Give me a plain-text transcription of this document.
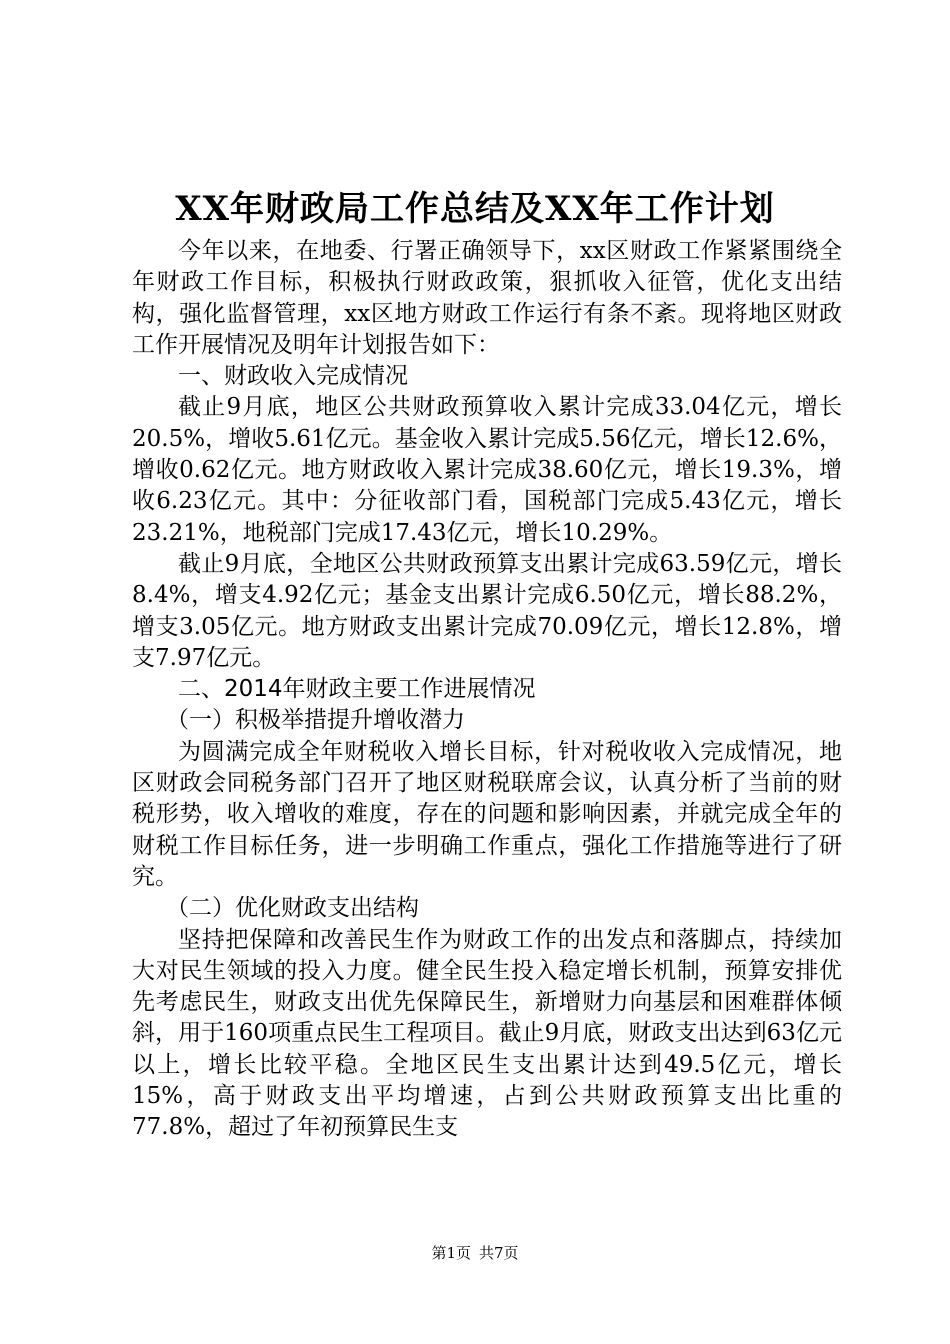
XX年财政局工作总结及XX年工作计划

今年以来，在地委、行署正确领导下，xx区财政工作紧紧围绕全年财政工作目标，积极执行财政政策，狠抓收入征管，优化支出结构，强化监督管理，xx区地方财政工作运行有条不紊。现将地区财政工作开展情况及明年计划报告如下：

一、财政收入完成情况

截止9月底，地区公共财政预算收入累计完成33.04亿元，增长20.5%，增收5.61亿元。基金收入累计完成5.56亿元，增长12.6%，增收0.62亿元。地方财政收入累计完成38.60亿元，增长19.3%，增收6.23亿元。其中：分征收部门看，国税部门完成5.43亿元，增长23.21%，地税部门完成17.43亿元，增长10.29%。

截止9月底，全地区公共财政预算支出累计完成63.59亿元，增长8.4%，增支4.92亿元；基金支出累计完成6.50亿元，增长88.2%，增支3.05亿元。地方财政支出累计完成70.09亿元，增长12.8%，增支7.97亿元。

二、2014年财政主要工作进展情况

（一）积极举措提升增收潜力

为圆满完成全年财税收入增长目标，针对税收收入完成情况，地区财政会同税务部门召开了地区财税联席会议，认真分析了当前的财税形势，收入增收的难度，存在的问题和影响因素，并就完成全年的财税工作目标任务，进一步明确工作重点，强化工作措施等进行了研究。

（二）优化财政支出结构

坚持把保障和改善民生作为财政工作的出发点和落脚点，持续加大对民生领域的投入力度。健全民生投入稳定增长机制，预算安排优先考虑民生，财政支出优先保障民生，新增财力向基层和困难群体倾斜，用于160项重点民生工程项目。截止9月底，财政支出达到63亿元以上，增长比较平稳。全地区民生支出累计达到49.5亿元，增长15%，高于财政支出平均增速，占到公共财政预算支出比重的77.8%，超过了年初预算民生支

第1页 共7页
